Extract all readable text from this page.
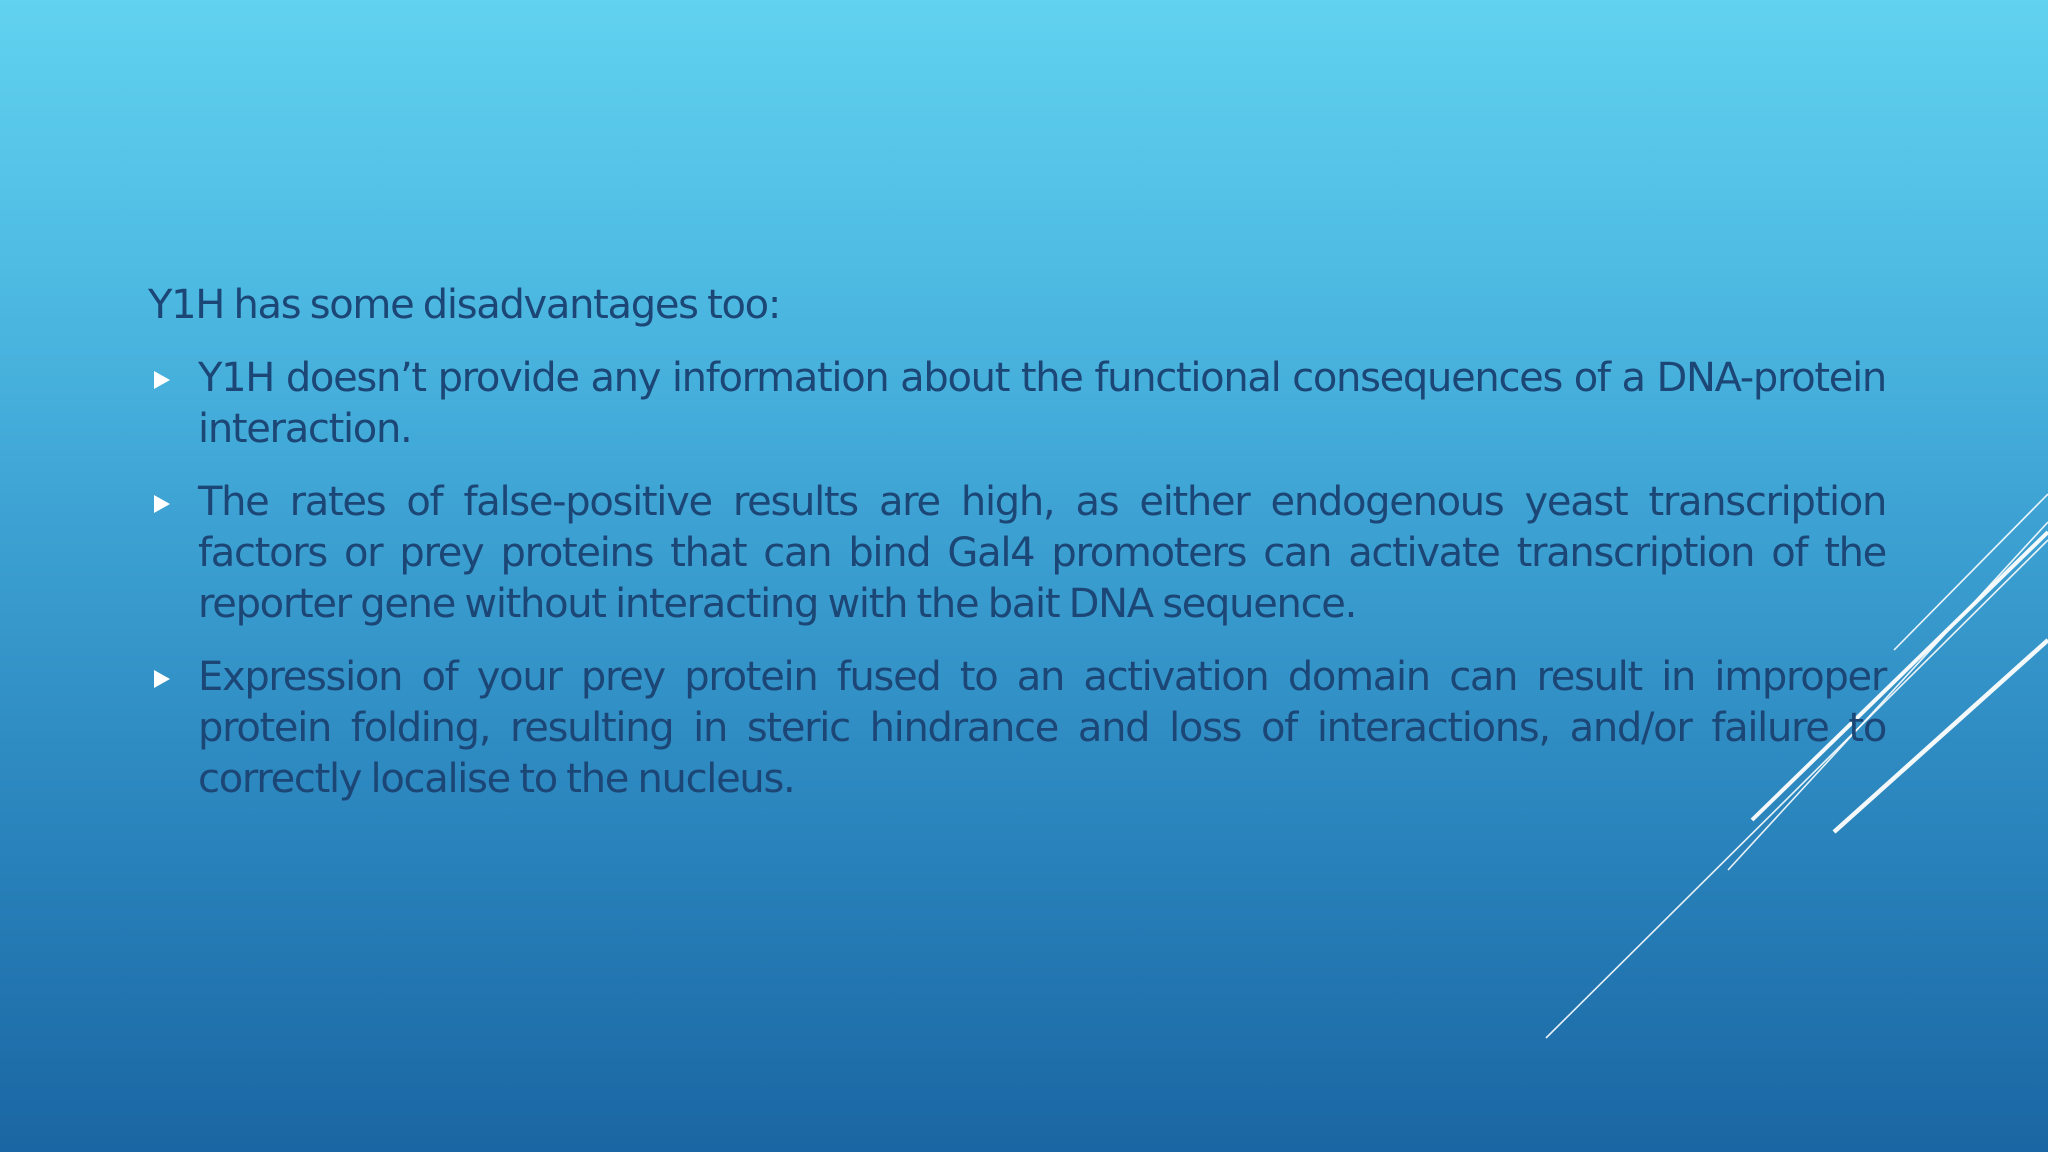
Y1H has some disadvantages too:

Y1H doesn’t provide any information about the functional consequences of a DNA-protein interaction.
The rates of false-positive results are high, as either endogenous yeast transcription factors or prey proteins that can bind Gal4 promoters can activate transcription of the reporter gene without interacting with the bait DNA sequence.
Expression of your prey protein fused to an activation domain can result in improper protein folding, resulting in steric hindrance and loss of interactions, and/or failure to correctly localise to the nucleus.
